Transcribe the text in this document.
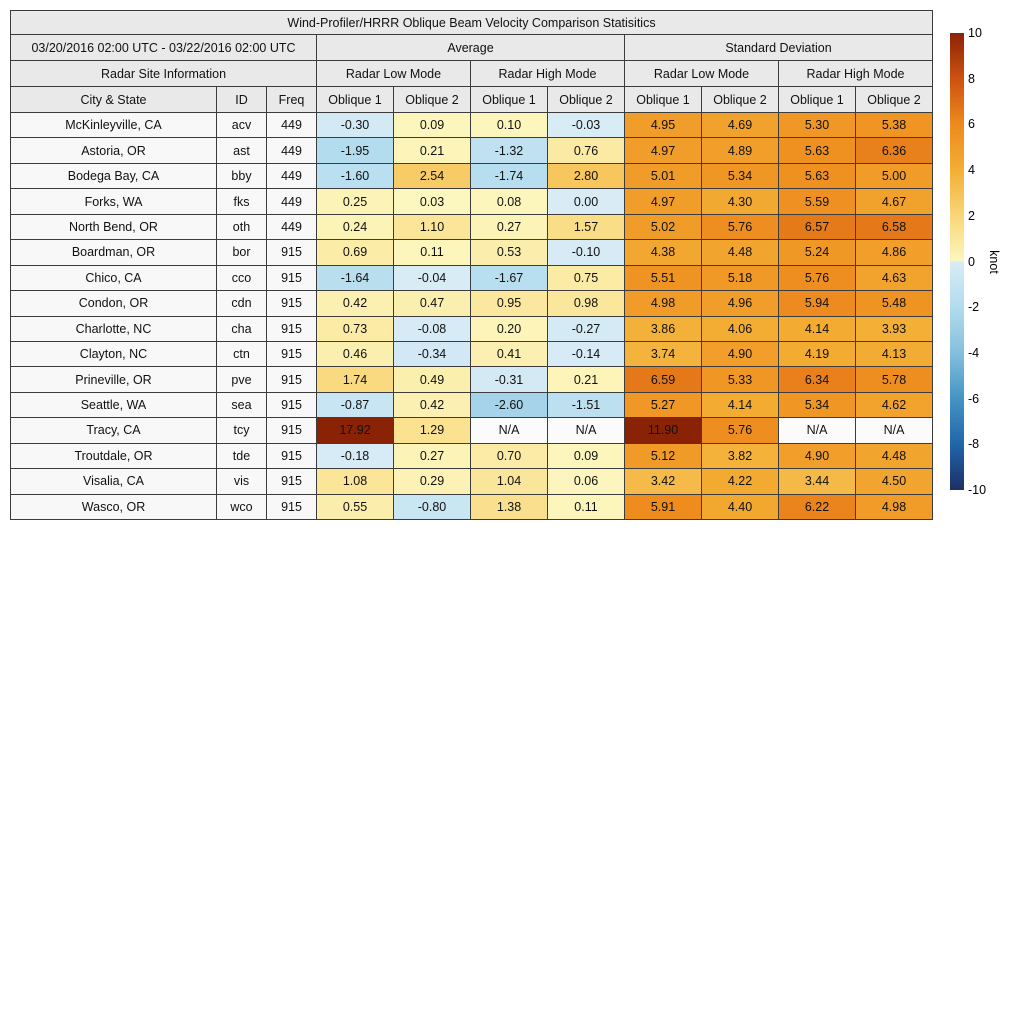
Wind-Profiler/HRRR Oblique Beam Velocity Comparison Statisitics										
03/20/2016 02:00 UTC - 03/22/2016 02:00 UTC			Average				Standard Deviation			
Radar Site Information			Radar Low Mode		Radar High Mode		Radar Low Mode		Radar High Mode	
City & State	ID	Freq	Oblique 1	Oblique 2	Oblique 1	Oblique 2	Oblique 1	Oblique 2	Oblique 1	Oblique 2
McKinleyville, CA	acv	449	-0.30	0.09	0.10	-0.03	4.95	4.69	5.30	5.38
Astoria, OR	ast	449	-1.95	0.21	-1.32	0.76	4.97	4.89	5.63	6.36
Bodega Bay, CA	bby	449	-1.60	2.54	-1.74	2.80	5.01	5.34	5.63	5.00
Forks, WA	fks	449	0.25	0.03	0.08	0.00	4.97	4.30	5.59	4.67
North Bend, OR	oth	449	0.24	1.10	0.27	1.57	5.02	5.76	6.57	6.58
Boardman, OR	bor	915	0.69	0.11	0.53	-0.10	4.38	4.48	5.24	4.86
Chico, CA	cco	915	-1.64	-0.04	-1.67	0.75	5.51	5.18	5.76	4.63
Condon, OR	cdn	915	0.42	0.47	0.95	0.98	4.98	4.96	5.94	5.48
Charlotte, NC	cha	915	0.73	-0.08	0.20	-0.27	3.86	4.06	4.14	3.93
Clayton, NC	ctn	915	0.46	-0.34	0.41	-0.14	3.74	4.90	4.19	4.13
Prineville, OR	pve	915	1.74	0.49	-0.31	0.21	6.59	5.33	6.34	5.78
Seattle, WA	sea	915	-0.87	0.42	-2.60	-1.51	5.27	4.14	5.34	4.62
Tracy, CA	tcy	915	17.92	1.29	N/A	N/A	11.90	5.76	N/A	N/A
Troutdale, OR	tde	915	-0.18	0.27	0.70	0.09	5.12	3.82	4.90	4.48
Visalia, CA	vis	915	1.08	0.29	1.04	0.06	3.42	4.22	3.44	4.50
Wasco, OR	wco	915	0.55	-0.80	1.38	0.11	5.91	4.40	6.22	4.98
10
8
6
4
2
0
-2
-4
-6
-8
-10
knot
